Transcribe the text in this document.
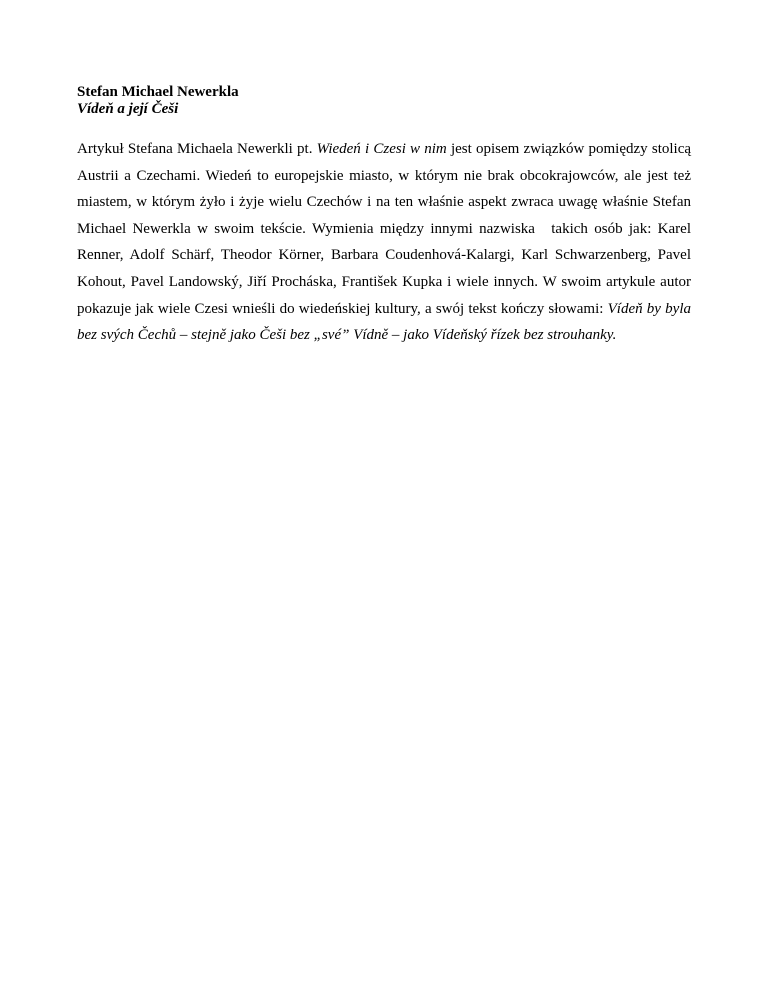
Stefan Michael Newerkla
Vídeň a její Češi

Artykuł Stefana Michaela Newerkli pt. Wiedeń i Czesi w nim jest opisem związków pomiędzy stolicą Austrii a Czechami. Wiedeń to europejskie miasto, w którym nie brak obcokrajowców, ale jest też miastem, w którym żyło i żyje wielu Czechów i na ten właśnie aspekt zwraca uwagę właśnie Stefan Michael Newerkla w swoim tekście. Wymienia między innymi nazwiska takich osób jak: Karel Renner, Adolf Schärf, Theodor Körner, Barbara Coudenhová-Kalargi, Karl Schwarzenberg, Pavel Kohout, Pavel Landowský, Jiří Procháska, František Kupka i wiele innych. W swoim artykule autor pokazuje jak wiele Czesi wnieśli do wiedeńskiej kultury, a swój tekst kończy słowami: Vídeň by byla bez svých Čechů – stejně jako Češi bez „své” Vídně – jako Vídeňský řízek bez strouhanky.
